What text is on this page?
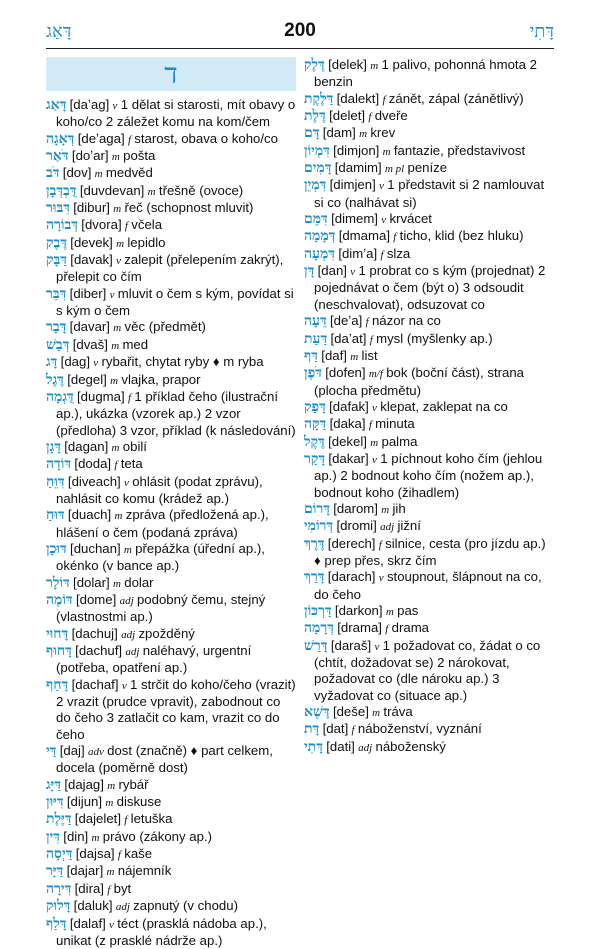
דָּאַג	200	דָּתִי
ד

דָּאַג [daʼag] v 1 dělat si starosti, mít obavy o koho/co 2 záležet komu na kom/čem

דְּאָגָה [deʼaga] f starost, obava o koho/co

דֹּאַר [doʼar] m pošta

דֹּב [dov] m medvěd

דֻּבְדְּבָן [duvdevan] m třešně (ovoce)

דִּבּוּר [dibur] m řeč (schopnost mluvit)

דְּבוֹרָה [dvora] f včela

דֶּבֶק [devek] m lepidlo

דַּבָּק [davak] v zalepit (přelepením zakrýt), přelepit co čím

דִּבֵּר [diber] v mluvit o čem s kým, povídat si s kým o čem

דָּבָר [davar] m věc (předmět)

דְּבַשׁ [dvaš] m med

דָּג [dag] v rybařit, chytat ryby ♦ m ryba

דֶּגֶל [degel] m vlajka, prapor

דֻּגְמָה [dugma] f 1 příklad čeho (ilustrační ap.), ukázka (vzorek ap.) 2 vzor (předloha) 3 vzor, příklad (k následování)

דָּגָן [dagan] m obilí

דּוֹדָה [doda] f teta

דִּוֵּחַ [diveach] v ohlásit (podat zprávu), nahlásit co komu (krádež ap.)

דּוּחַ [duach] m zpráva (předložená ap.), hlášení o čem (podaná zpráva)

דּוּכָן [duchan] m přepážka (úřední ap.), okénko (v bance ap.)

דּוֹלָר [dolar] m dolar

דּוֹמֶה [dome] adj podobný čemu, stejný (vlastnostmi ap.)

דָּחוּי [dachuj] adj zpožděný

דָּחוּף [dachuf] adj naléhavý, urgentní (potřeba, opatření ap.)

דָּחַף [dachaf] v 1 strčit do koho/čeho (vrazit) 2 vrazit (prudce vpravit), zabodnout co do čeho 3 zatlačit co kam, vrazit co do čeho

דַּי [daj] adv dost (značně) ♦ part celkem, docela (poměrně dost)

דַּיָּג [dajag] m rybář

דִּיּוּן [dijun] m diskuse

דַּיֶּלֶת [dajelet] f letuška

דִּין [din] m právo (zákony ap.)

דַּיְסָה [dajsa] f kaše

דַּיָּר [dajar] m nájemník

דִּירָה [dira] f byt

דָּלוּק [daluk] adj zapnutý (v chodu)

דָּלַף [dalaf] v téct (prasklá nádoba ap.), unikat (z prasklé nádrže ap.)

דֶּלֶק [delek] m 1 palivo, pohonná hmota 2 benzin

דַּלֶּקֶת [dalekt] f zánět, zápal (zánětlivý)

דֶּלֶת [delet] f dveře

דָּם [dam] m krev

דִּמְיוֹן [dimjon] m fantazie, představivost

דָּמִים [damim] m pl peníze

דִּמְיֵן [dimjen] v 1 představit si 2 namlouvat si co (nalhávat si)

דִּמֵּם [dimem] v krvácet

דְּמָמָה [dmama] f ticho, klid (bez hluku)

דִּמְעָה [dimʼa] f slza

דָּן [dan] v 1 probrat co s kým (projednat) 2 pojednávat o čem (být o) 3 odsoudit (neschvalovat), odsuzovat co

דֵּעָה [deʼa] f názor na co

דַּעַת [daʼat] f mysl (myšlenky ap.)

דַּף [daf] m list

דֹּפֶן [dofen] m/f bok (boční část), strana (plocha předmětu)

דָּפַק [dafak] v klepat, zaklepat na co

דַּקָּה [daka] f minuta

דֶּקֶל [dekel] m palma

דָּקַר [dakar] v 1 píchnout koho čím (jehlou ap.) 2 bodnout koho čím (nožem ap.), bodnout koho (žihadlem)

דָּרוֹם [darom] m jih

דְּרוֹמִי [dromi] adj jižní

דֶּרֶךְ [derech] f silnice, cesta (pro jízdu ap.) ♦ prep přes, skrz čím

דָּרַךְ [darach] v stoupnout, šlápnout na co, do čeho

דַּרְכּוֹן [darkon] m pas

דְּרָמָה [drama] f drama

דָּרַשׁ [daraš] v 1 požadovat co, žádat o co (chtít, dožadovat se) 2 nárokovat, požadovat co (dle nároku ap.) 3 vyžadovat co (situace ap.)

דֶּשֶׁא [deše] m tráva

דָּת [dat] f náboženství, vyznání

דָּתִי [dati] adj náboženský
